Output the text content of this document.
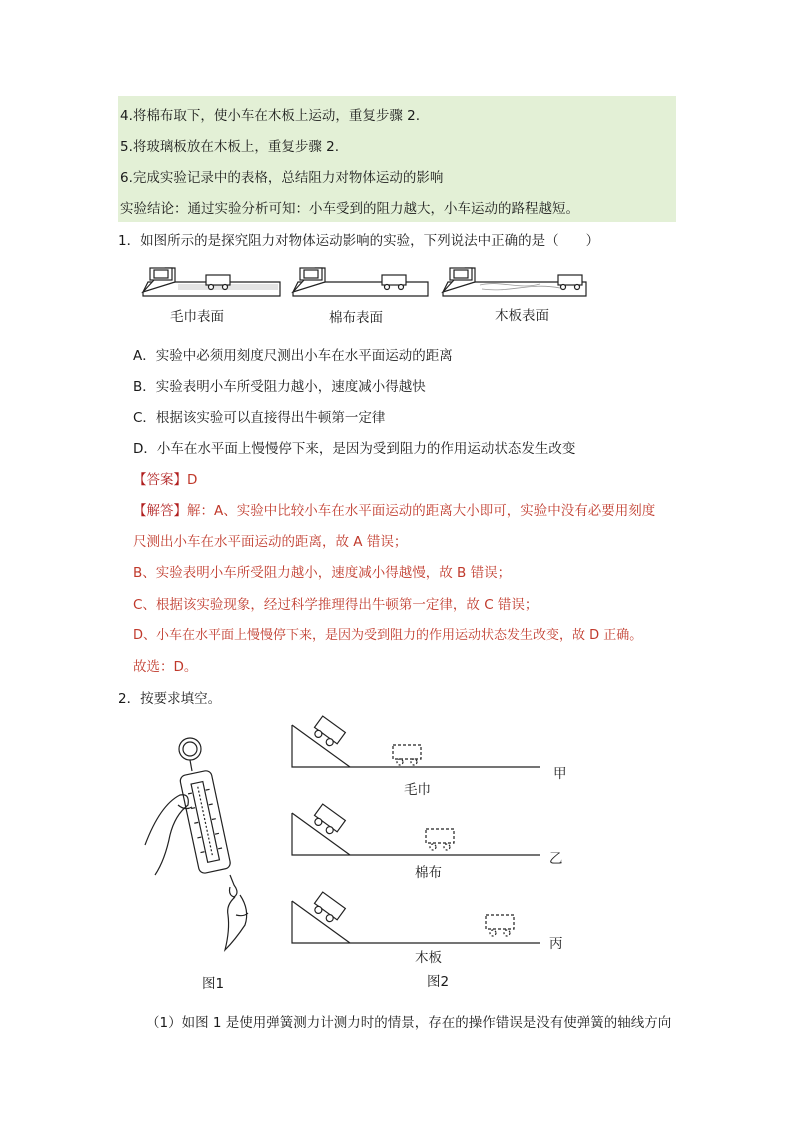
4.将棉布取下，使小车在木板上运动，重复步骤 2.
5.将玻璃板放在木板上，重复步骤 2.
6.完成实验记录中的表格，总结阻力对物体运动的影响
实验结论：通过实验分析可知：小车受到的阻力越大，小车运动的路程越短。
1．如图所示的是探究阻力对物体运动影响的实验，下列说法中正确的是（　　）
毛巾表面	棉布表面	木板表面
A．实验中必须用刻度尺测出小车在水平面运动的距离
B．实验表明小车所受阻力越小，速度减小得越快
C．根据该实验可以直接得出牛顿第一定律
D．小车在水平面上慢慢停下来，是因为受到阻力的作用运动状态发生改变
【答案】D
【解答】解：A、实验中比较小车在水平面运动的距离大小即可，实验中没有必要用刻度
尺测出小车在水平面运动的距离，故 A 错误；
B、实验表明小车所受阻力越小，速度减小得越慢，故 B 错误；
C、根据该实验现象，经过科学推理得出牛顿第一定律，故 C 错误；
D、小车在水平面上慢慢停下来，是因为受到阻力的作用运动状态发生改变，故 D 正确。
故选：D。
2．按要求填空。
毛巾
棉布
木板
甲
乙
丙
图1	图2
（1）如图 1 是使用弹簧测力计测力时的情景，存在的操作错误是没有使弹簧的轴线方向
